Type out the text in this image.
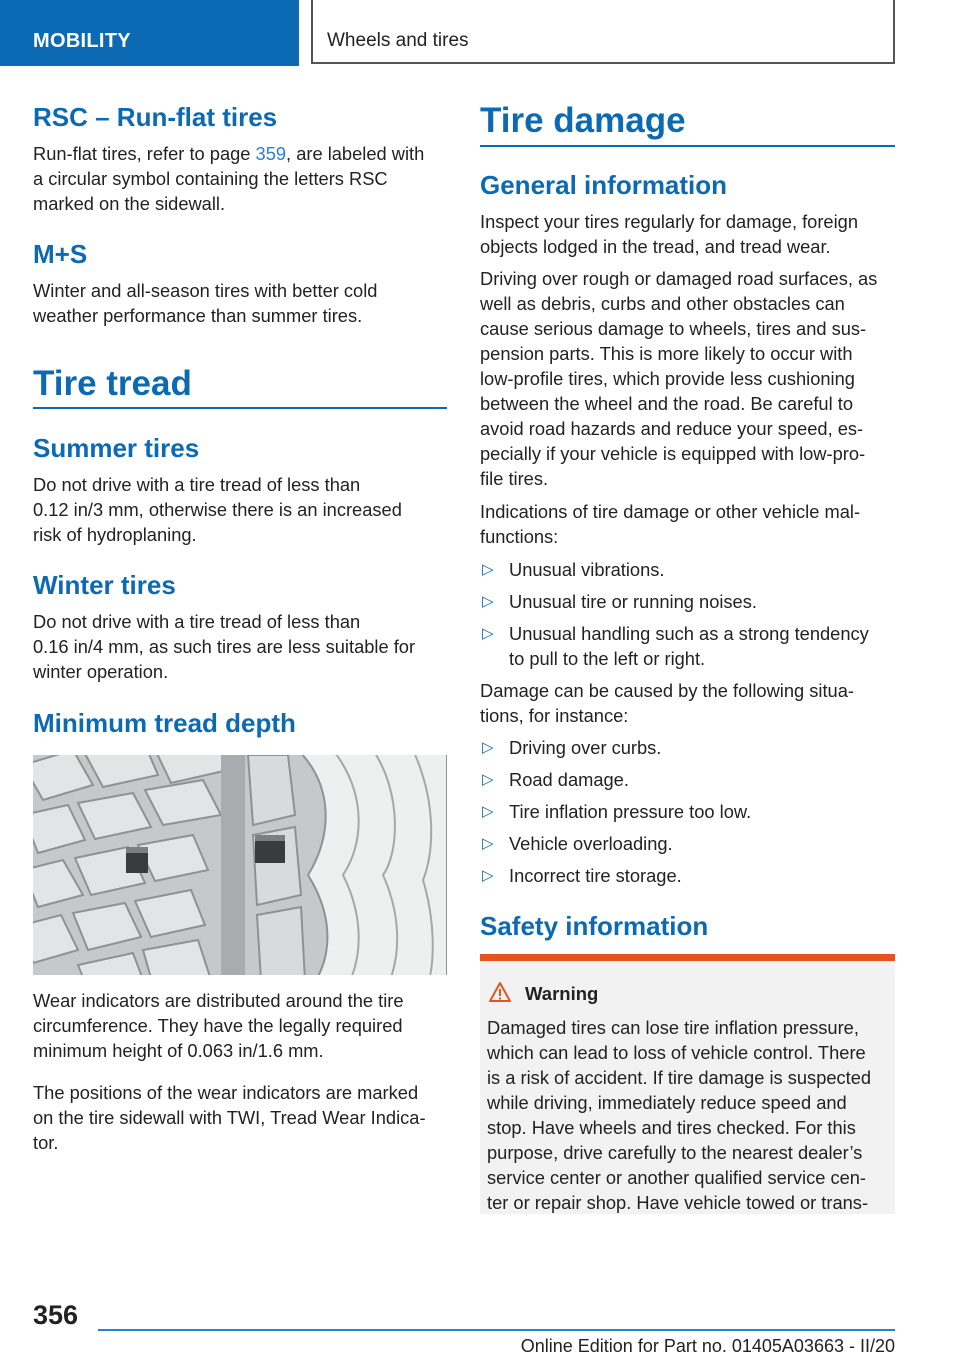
MOBILITY	Wheels and tires
RSC – Run-flat tires
Run-flat tires, refer to page 359, are labeled with
a circular symbol containing the letters RSC
marked on the sidewall.
M+S
Winter and all-season tires with better cold
weather performance than summer tires.
Tire tread
Summer tires
Do not drive with a tire tread of less than
0.12 in/3 mm, otherwise there is an increased
risk of hydroplaning.
Winter tires
Do not drive with a tire tread of less than
0.16 in/4 mm, as such tires are less suitable for
winter operation.
Minimum tread depth
Wear indicators are distributed around the tire
circumference. They have the legally required
minimum height of 0.063 in/1.6 mm.
The positions of the wear indicators are marked
on the tire sidewall with TWI, Tread Wear Indica-
tor.
Tire damage
General information
Inspect your tires regularly for damage, foreign
objects lodged in the tread, and tread wear.
Driving over rough or damaged road surfaces, as
well as debris, curbs and other obstacles can
cause serious damage to wheels, tires and sus-
pension parts. This is more likely to occur with
low-profile tires, which provide less cushioning
between the wheel and the road. Be careful to
avoid road hazards and reduce your speed, es-
pecially if your vehicle is equipped with low-pro-
file tires.
Indications of tire damage or other vehicle mal-
functions:
▷ Unusual vibrations.
▷ Unusual tire or running noises.
▷ Unusual handling such as a strong tendency
to pull to the left or right.
Damage can be caused by the following situa-
tions, for instance:
▷ Driving over curbs.
▷ Road damage.
▷ Tire inflation pressure too low.
▷ Vehicle overloading.
▷ Incorrect tire storage.
Safety information
Warning
Damaged tires can lose tire inflation pressure,
which can lead to loss of vehicle control. There
is a risk of accident. If tire damage is suspected
while driving, immediately reduce speed and
stop. Have wheels and tires checked. For this
purpose, drive carefully to the nearest dealer’s
service center or another qualified service cen-
ter or repair shop. Have vehicle towed or trans-
356
Online Edition for Part no. 01405A03663 - II/20
